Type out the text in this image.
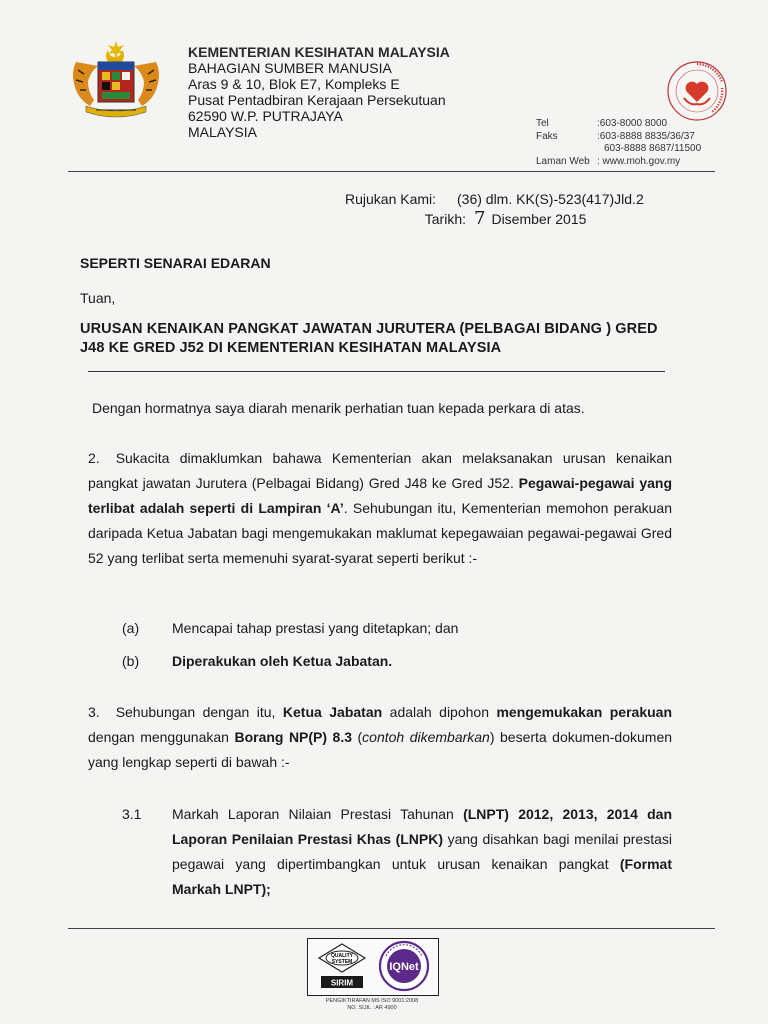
KEMENTERIAN KESIHATAN MALAYSIA
BAHAGIAN SUMBER MANUSIA
Aras 9 & 10, Blok E7, Kompleks E
Pusat Pentadbiran Kerajaan Persekutuan
62590 W.P. PUTRAJAYA
MALAYSIA
Tel	:603-8000 8000
Faks	:603-8888 8835/36/37
603-8888 8687/11500
Laman Web : www.moh.gov.my
Rujukan Kami:	(36) dlm. KK(S)-523(417)Jld.2
Tarikh: 7 Disember 2015
SEPERTI SENARAI EDARAN
Tuan,
URUSAN KENAIKAN PANGKAT JAWATAN JURUTERA (PELBAGAI BIDANG ) GRED J48 KE GRED J52 DI KEMENTERIAN KESIHATAN MALAYSIA
Dengan hormatnya saya diarah menarik perhatian tuan kepada perkara di atas.
2. Sukacita dimaklumkan bahawa Kementerian akan melaksanakan urusan kenaikan pangkat jawatan Jurutera (Pelbagai Bidang) Gred J48 ke Gred J52. Pegawai-pegawai yang terlibat adalah seperti di Lampiran ‘A’. Sehubungan itu, Kementerian memohon perakuan daripada Ketua Jabatan bagi mengemukakan maklumat kepegawaian pegawai-pegawai Gred 52 yang terlibat serta memenuhi syarat-syarat seperti berikut :-
(a) Mencapai tahap prestasi yang ditetapkan; dan
(b) Diperakukan oleh Ketua Jabatan.
3. Sehubungan dengan itu, Ketua Jabatan adalah dipohon mengemukakan perakuan dengan menggunakan Borang NP(P) 8.3 (contoh dikembarkan) beserta dokumen-dokumen yang lengkap seperti di bawah :-
3.1	Markah Laporan Nilaian Prestasi Tahunan (LNPT) 2012, 2013, 2014 dan Laporan Penilaian Prestasi Khas (LNPK) yang disahkan bagi menilai prestasi pegawai yang dipertimbangkan untuk urusan kenaikan pangkat (Format Markah LNPT);
QUALITY
SYSTEM
SIRIM
IQNet
PENGIKTIRAFAN MS ISO 9001:2008
NO. SIJIL : AR 4900
